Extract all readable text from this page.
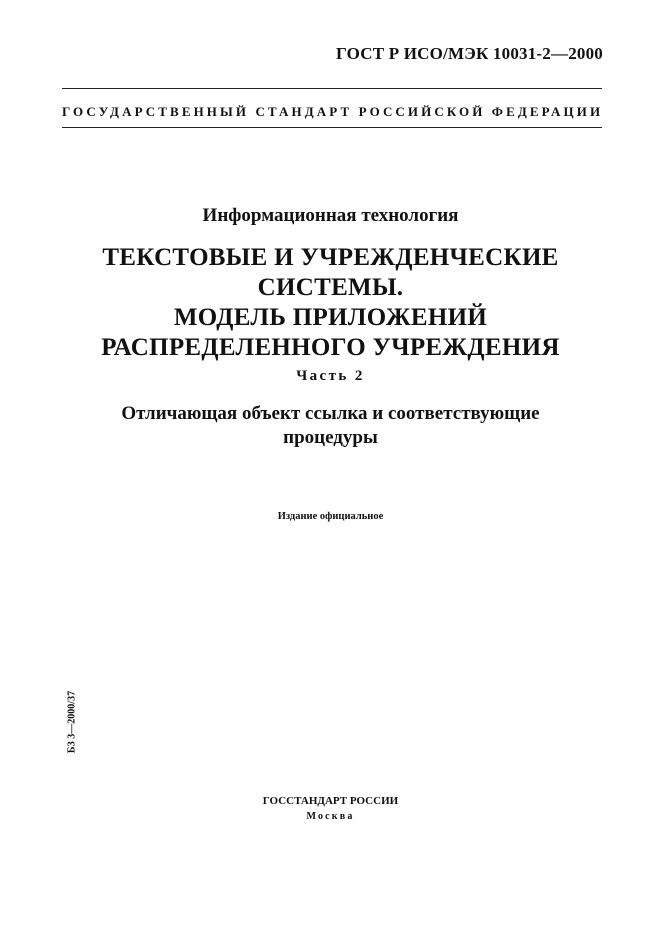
ГОСТ Р ИСО/МЭК 10031-2—2000
ГОСУДАРСТВЕННЫЙ СТАНДАРТ РОССИЙСКОЙ ФЕДЕРАЦИИ
Информационная технология
ТЕКСТОВЫЕ И УЧРЕЖДЕНЧЕСКИЕ
СИСТЕМЫ.
МОДЕЛЬ ПРИЛОЖЕНИЙ
РАСПРЕДЕЛЕННОГО УЧРЕЖДЕНИЯ
Часть 2
Отличающая объект ссылка и соответствующие
процедуры
Издание официальное
БЗ 3—2000/37
ГОССТАНДАРТ РОССИИ
Москва
